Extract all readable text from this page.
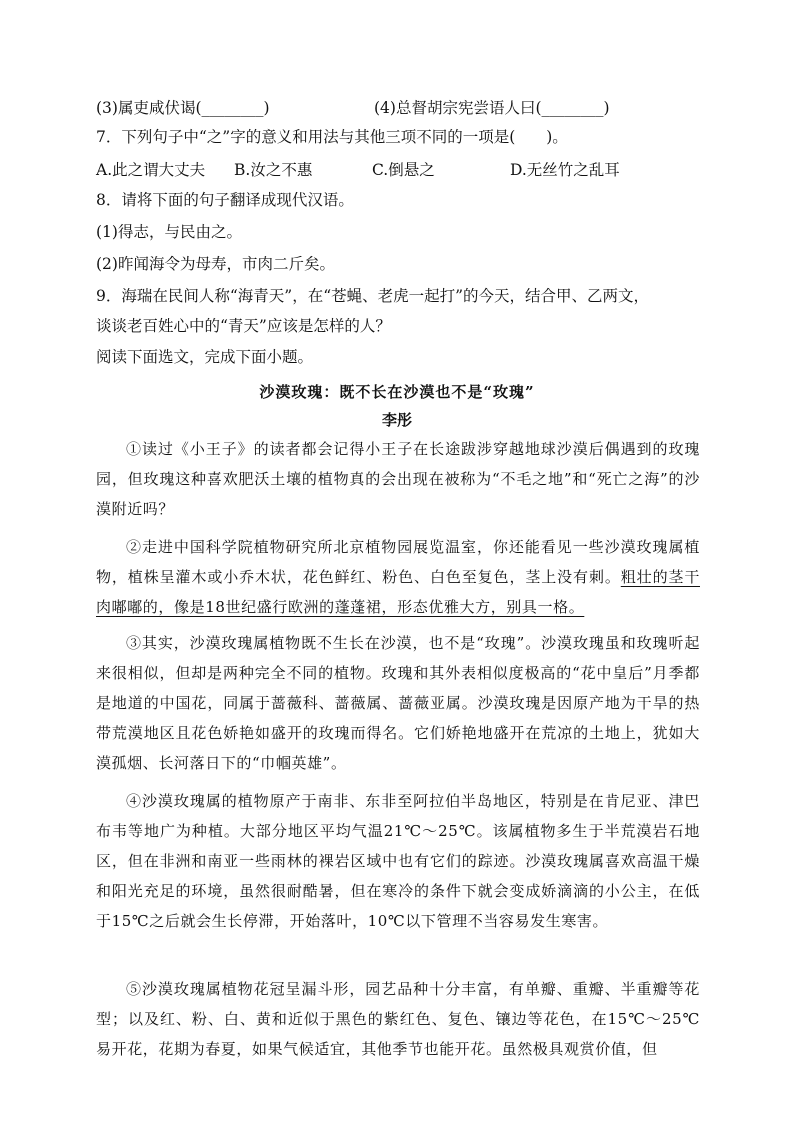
(3)属吏咸伏谒(________)	(4)总督胡宗宪尝语人曰(________)
7．下列句子中“之”字的意义和用法与其他三项不同的一项是(　　)。
A.此之谓大丈夫 B.汝之不惠	C.倒悬之	D.无丝竹之乱耳
8．请将下面的句子翻译成现代汉语。
(1)得志，与民由之。
(2)昨闻海令为母寿，市肉二斤矣。
9．海瑞在民间人称“海青天”，在“苍蝇、老虎一起打”的今天，结合甲、乙两文，
谈谈老百姓心中的“青天”应该是怎样的人？
阅读下面选文，完成下面小题。
沙漠玫瑰：既不长在沙漠也不是“玫瑰”
李彤
①读过《小王子》的读者都会记得小王子在长途跋涉穿越地球沙漠后偶遇到的玫瑰园，但玫瑰这种喜欢肥沃土壤的植物真的会出现在被称为“不毛之地”和“死亡之海”的沙漠附近吗？
②走进中国科学院植物研究所北京植物园展览温室，你还能看见一些沙漠玫瑰属植物，植株呈灌木或小乔木状，花色鲜红、粉色、白色至复色，茎上没有刺。粗壮的茎干肉嘟嘟的，像是18世纪盛行欧洲的蓬蓬裙，形态优雅大方，别具一格。
③其实，沙漠玫瑰属植物既不生长在沙漠，也不是“玫瑰”。沙漠玫瑰虽和玫瑰听起来很相似，但却是两种完全不同的植物。玫瑰和其外表相似度极高的“花中皇后”月季都是地道的中国花，同属于蔷薇科、蔷薇属、蔷薇亚属。沙漠玫瑰是因原产地为干旱的热带荒漠地区且花色娇艳如盛开的玫瑰而得名。它们娇艳地盛开在荒凉的土地上，犹如大漠孤烟、长河落日下的“巾帼英雄”。
④沙漠玫瑰属的植物原产于南非、东非至阿拉伯半岛地区，特别是在肯尼亚、津巴布韦等地广为种植。大部分地区平均气温21℃～25℃。该属植物多生于半荒漠岩石地区，但在非洲和南亚一些雨林的裸岩区域中也有它们的踪迹。沙漠玫瑰属喜欢高温干燥和阳光充足的环境，虽然很耐酷暑，但在寒冷的条件下就会变成娇滴滴的小公主，在低于15℃之后就会生长停滞，开始落叶，10℃以下管理不当容易发生寒害。
⑤沙漠玫瑰属植物花冠呈漏斗形，园艺品种十分丰富，有单瓣、重瓣、半重瓣等花型；以及红、粉、白、黄和近似于黑色的紫红色、复色、镶边等花色，在15℃～25℃易开花，花期为春夏，如果气候适宜，其他季节也能开花。虽然极具观赏价值，但
